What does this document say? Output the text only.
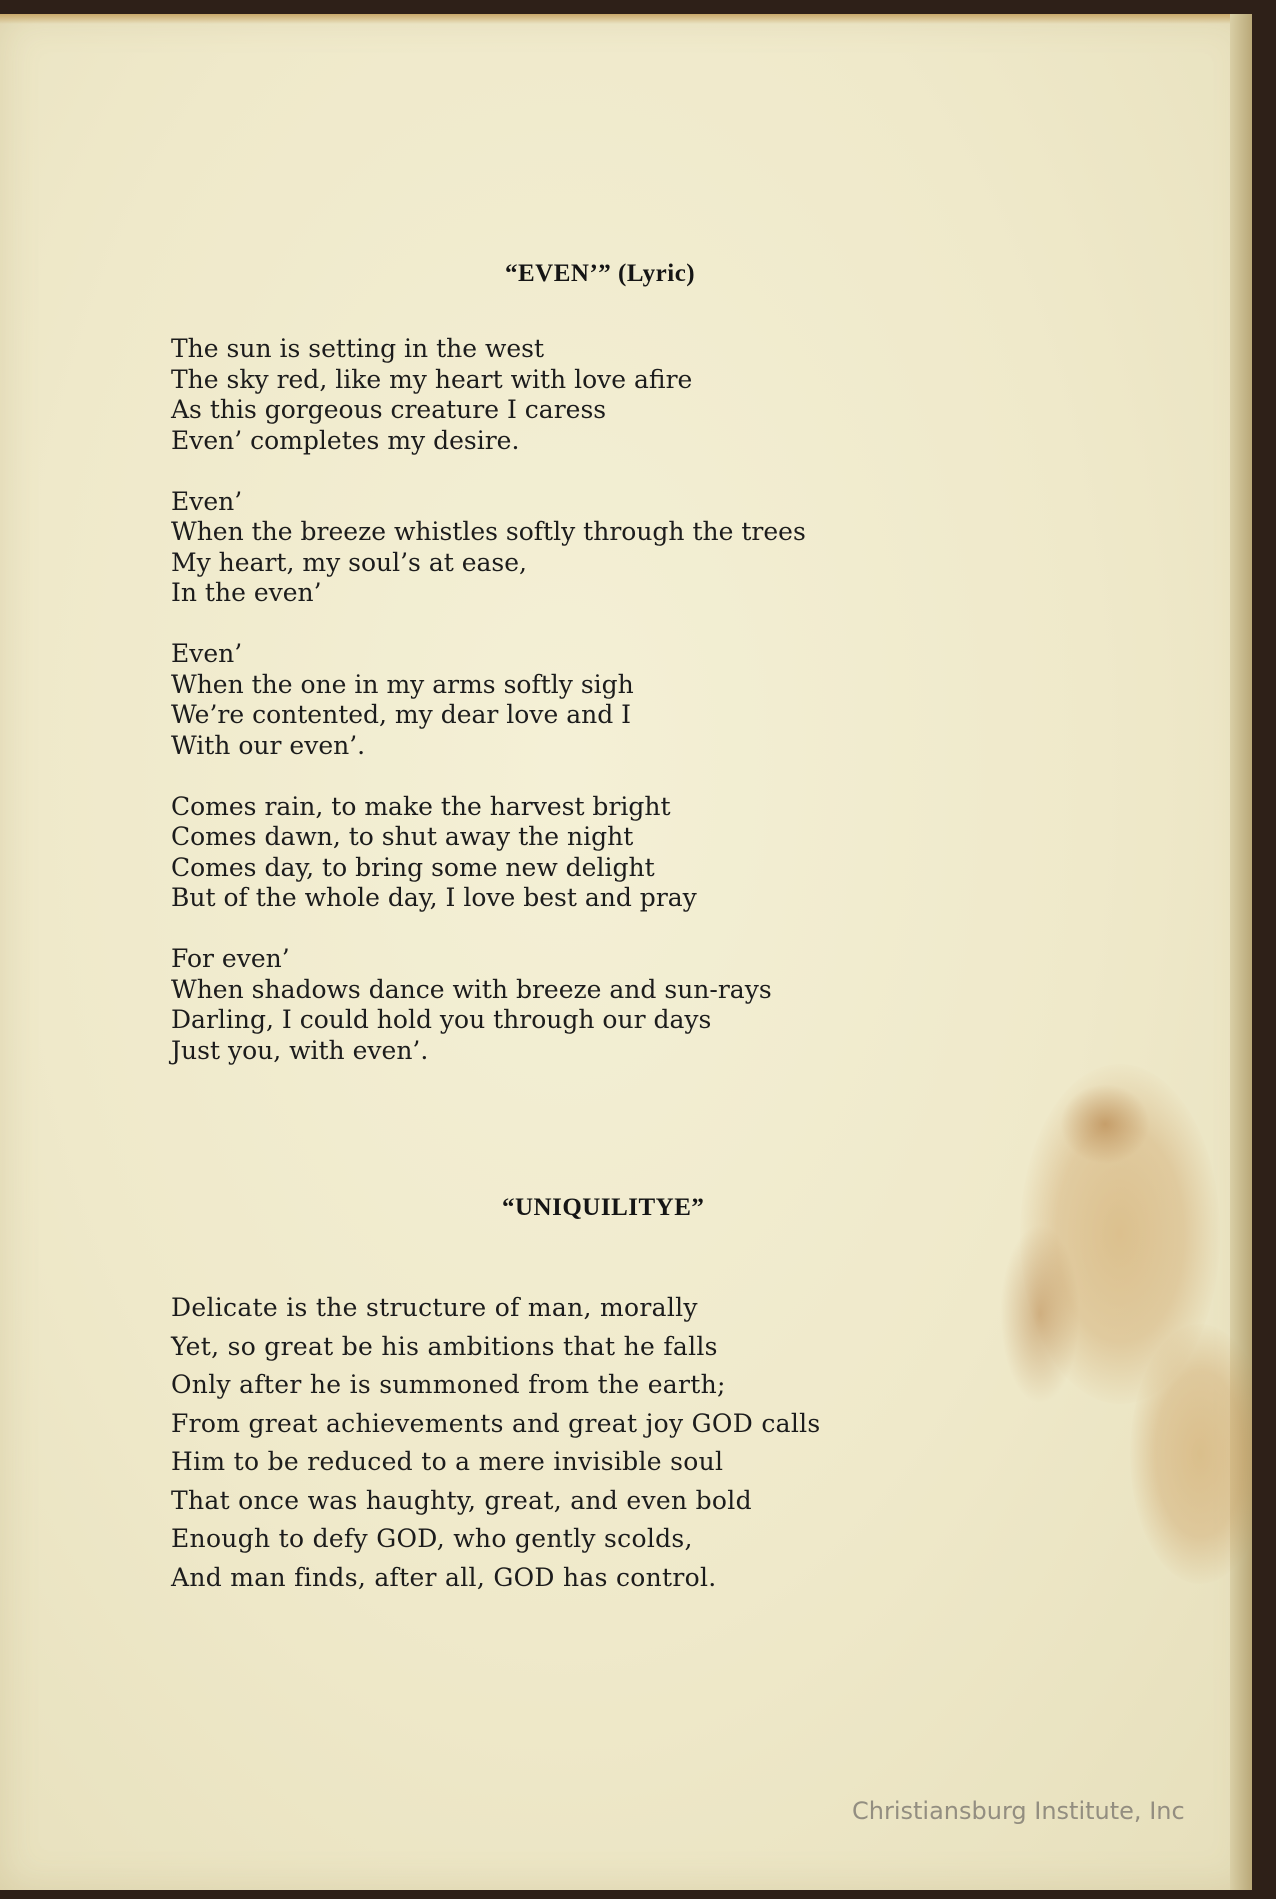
“EVEN’” (Lyric)
The sun is setting in the west
The sky red, like my heart with love afire
As this gorgeous creature I caress
Even’ completes my desire.
Even’
When the breeze whistles softly through the trees
My heart, my soul’s at ease,
In the even’
Even’
When the one in my arms softly sigh
We’re contented, my dear love and I
With our even’.
Comes rain, to make the harvest bright
Comes dawn, to shut away the night
Comes day, to bring some new delight
But of the whole day, I love best and pray
For even’
When shadows dance with breeze and sun-rays
Darling, I could hold you through our days
Just you, with even’.
“UNIQUILITYE”
Delicate is the structure of man, morally
Yet, so great be his ambitions that he falls
Only after he is summoned from the earth;
From great achievements and great joy GOD calls
Him to be reduced to a mere invisible soul
That once was haughty, great, and even bold
Enough to defy GOD, who gently scolds,
And man finds, after all, GOD has control.
Christiansburg Institute, Inc
